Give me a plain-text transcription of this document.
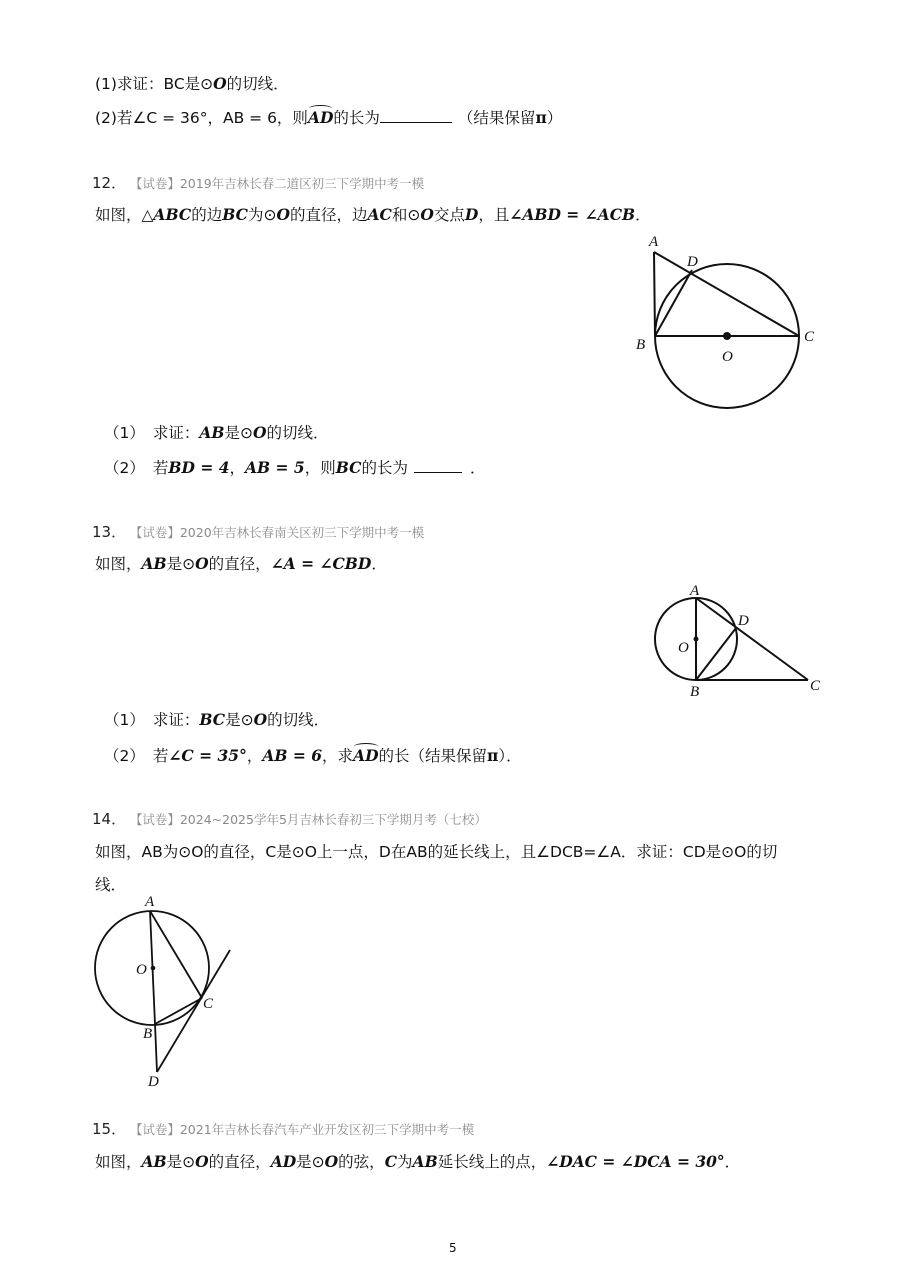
(1)求证：BC是⊙O的切线．
(2)若∠C = 36°，AB = 6，则AD的长为	（结果保留π）
12． 【试卷】2019年吉林长春二道区初三下学期中考一模
如图，△ABC的边BC为⊙O的直径，边AC和⊙O交点D，且∠ABD = ∠ACB．
A
D
B	C
O
（1） 求证：AB是⊙O的切线．
（2） 若BD = 4，AB = 5，则BC的长为	．
13． 【试卷】2020年吉林长春南关区初三下学期中考一模
如图，AB是⊙O的直径，∠A = ∠CBD．
A
D
O
B	C
（1） 求证：BC是⊙O的切线．
（2） 若∠C = 35°，AB = 6，求AD的长（结果保留π）．
14． 【试卷】2024~2025学年5月吉林长春初三下学期月考（七校）
如图，AB为⊙O的直径，C是⊙O上一点，D在AB的延长线上，且∠DCB=∠A．求证：CD是⊙O的切
线．
A
O
C
B
D
15． 【试卷】2021年吉林长春汽车产业开发区初三下学期中考一模
如图，AB是⊙O的直径，AD是⊙O的弦，C为AB延长线上的点，∠DAC = ∠DCA = 30°．
5
